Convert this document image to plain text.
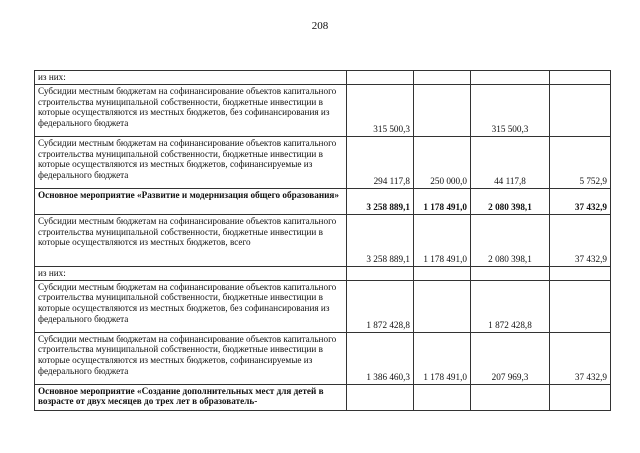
208
из них:				
Субсидии местным бюджетам на софинансирование объектов капитального строительства муниципальной собственности, бюджетные инвестиции в которые осуществляются из местных бюджетов, без софинансирования из федерального бюджета	315 500,3		315 500,3	
Субсидии местным бюджетам на софинансирование объектов капитального строительства муниципальной собственности, бюджетные инвестиции в которые осуществляются из местных бюджетов, софинансируемые из федерального бюджета	294 117,8	250 000,0	44 117,8	5 752,9
Основное мероприятие «Развитие и модернизация общего образования»	3 258 889,1	1 178 491,0	2 080 398,1	37 432,9
Субсидии местным бюджетам на софинансирование объектов капитального строительства муниципальной собственности, бюджетные инвестиции в которые осуществляются из местных бюджетов, всего	3 258 889,1	1 178 491,0	2 080 398,1	37 432,9
из них:				
Субсидии местным бюджетам на софинансирование объектов капитального строительства муниципальной собственности, бюджетные инвестиции в которые осуществляются из местных бюджетов, без софинансирования из федерального бюджета	1 872 428,8		1 872 428,8	
Субсидии местным бюджетам на софинансирование объектов капитального строительства муниципальной собственности, бюджетные инвестиции в которые осуществляются из местных бюджетов, софинансируемые из федерального бюджета	1 386 460,3	1 178 491,0	207 969,3	37 432,9
Основное мероприятие «Создание дополнительных мест для детей в возрасте от двух месяцев до трех лет в образователь-				
